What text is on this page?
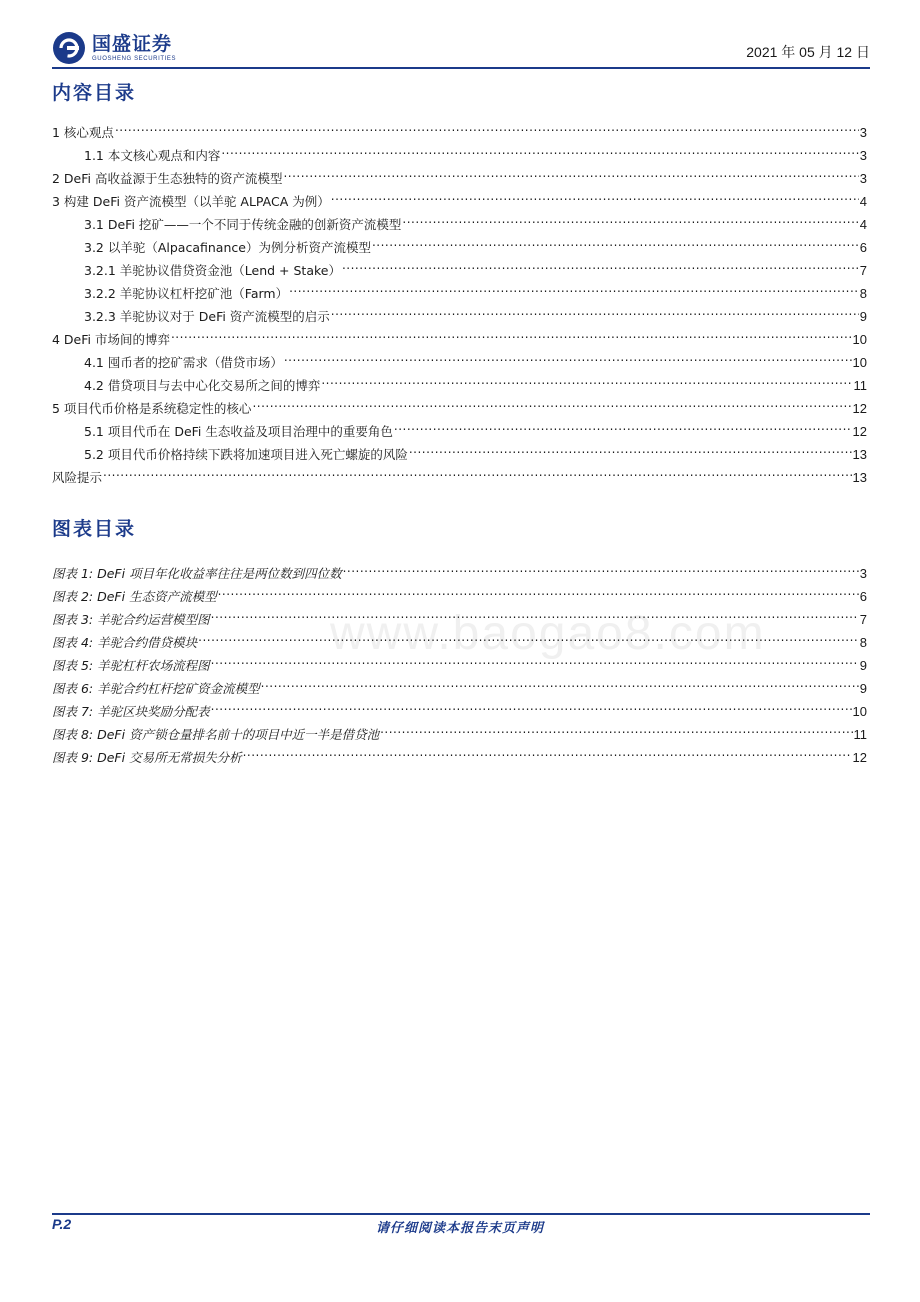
国盛证券
GUOSHENG SECURITIES	2021 年 05 月 12 日
内容目录
1 核心观点 .....	3
1.1 本文核心观点和内容 .....	3
2 DeFi 高收益源于生态独特的资产流模型 .....	3
3 构建 DeFi 资产流模型（以羊驼 ALPACA 为例） .....	4
3.1 DeFi 挖矿——一个不同于传统金融的创新资产流模型 .....	4
3.2 以羊驼（Alpacafinance）为例分析资产流模型 .....	6
3.2.1 羊驼协议借贷资金池（Lend + Stake） .....	7
3.2.2 羊驼协议杠杆挖矿池（Farm） .....	8
3.2.3 羊驼协议对于 DeFi 资产流模型的启示 .....	9
4 DeFi 市场间的博弈 .....	10
4.1 囤币者的挖矿需求（借贷市场） .....	10
4.2 借贷项目与去中心化交易所之间的博弈 .....	11
5 项目代币价格是系统稳定性的核心 .....	12
5.1 项目代币在 DeFi 生态收益及项目治理中的重要角色 .....	12
5.2 项目代币价格持续下跌将加速项目进入死亡螺旋的风险 .....	13
风险提示 .....	13
图表目录
图表 1: DeFi 项目年化收益率往往是两位数到四位数 .....	3
图表 2: DeFi 生态资产流模型 .....	6
图表 3: 羊驼合约运营模型图 .....	7
图表 4: 羊驼合约借贷模块 .....	8
图表 5: 羊驼杠杆农场流程图 .....	9
图表 6: 羊驼合约杠杆挖矿资金流模型 .....	9
图表 7: 羊驼区块奖励分配表 .....	10
图表 8: DeFi 资产锁仓量排名前十的项目中近一半是借贷池 .....	11
图表 9: DeFi 交易所无常损失分析 .....	12
www.baogao8.com
P.2	请仔细阅读本报告末页声明
